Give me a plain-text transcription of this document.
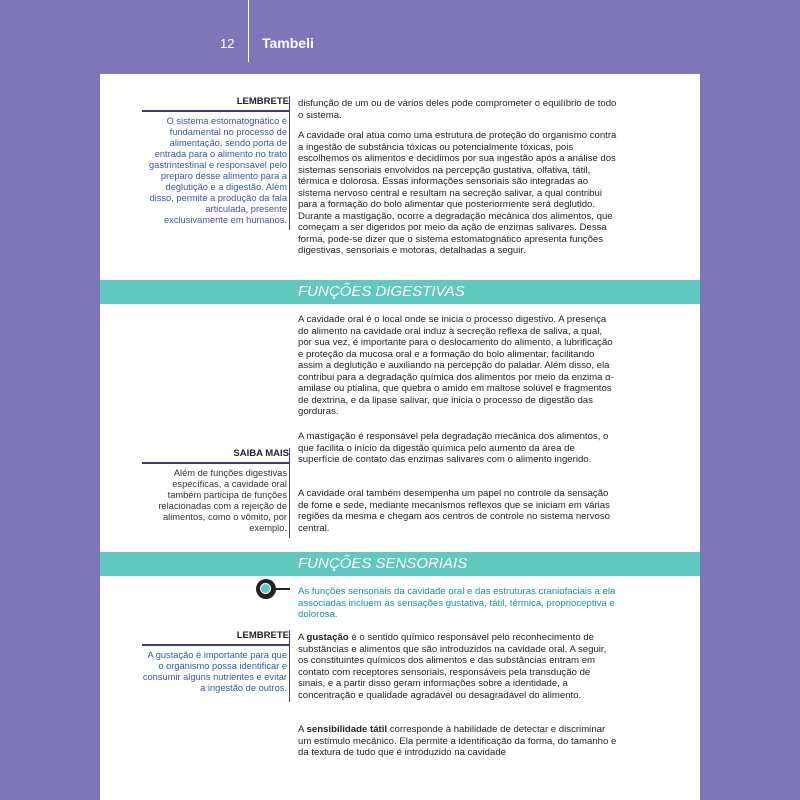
12 Tambeli
LEMBRETE
O sistema estomatognático é fundamental no processo de alimentação, sendo porta de entrada para o alimento no trato gastrintestinal e responsável pelo preparo desse alimento para a deglutição e a digestão. Além disso, permite a produção da fala articulada, presente exclusivamente em humanos.

disfunção de um ou de vários deles pode comprometer o equilíbrio de todo o sistema.

A cavidade oral atua como uma estrutura de proteção do organismo contra a ingestão de substância tóxicas ou potencialmente tóxicas, pois escolhemos os alimentos e decidimos por sua ingestão após a análise dos sistemas sensoriais envolvidos na percepção gustativa, olfativa, tátil, térmica e dolorosa. Essas informações sensoriais são integradas ao sistema nervoso central e resultam na secreção salivar, a qual contribui para a formação do bolo alimentar que posteriormente será deglutido. Durante a mastigação, ocorre a degradação mecânica dos alimentos, que começam a ser digeridos por meio da ação de enzimas salivares. Dessa forma, pode-se dizer que o sistema estomatognático apresenta funções digestivas, sensoriais e motoras, detalhadas a seguir.

FUNÇÕES DIGESTIVAS

A cavidade oral é o local onde se inicia o processo digestivo. A presença do alimento na cavidade oral induz à secreção reflexa de saliva, a qual, por sua vez, é importante para o deslocamento do alimento, a lubrificação e proteção da mucosa oral e a formação do bolo alimentar, facilitando assim a deglutição e auxiliando na percepção do paladar. Além disso, ela contribui para a degradação química dos alimentos por meio da enzima α-amilase ou ptialina, que quebra o amido em maltose solúvel e fragmentos de dextrina, e da lipase salivar, que inicia o processo de digestão das gorduras.

A mastigação é responsável pela degradação mecânica dos alimentos, o que facilita o início da digestão química pelo aumento da área de superfície de contato das enzimas salivares com o alimento ingerido.

A cavidade oral também desempenha um papel no controle da sensação de fome e sede, mediante mecanismos reflexos que se iniciam em várias regiões da mesma e chegam aos centros de controle no sistema nervoso central.

SAIBA MAIS
Além de funções digestivas específicas, a cavidade oral também participa de funções relacionadas com a rejeição de alimentos, como o vômito, por exemplo.
FUNÇÕES SENSORIAIS

As funções sensoriais da cavidade oral e das estruturas craniofaciais a ela associadas incluem as sensações gustativa, tátil, térmica, proprioceptiva e dolorosa.

LEMBRETE
A gustação é importante para que o organismo possa identificar e consumir alguns nutrientes e evitar a ingestão de outros.

A gustação é o sentido químico responsável pelo reconhecimento de substâncias e alimentos que são introduzidos na cavidade oral. A seguir, os constituintes químicos dos alimentos e das substâncias entram em contato com receptores sensoriais, responsáveis pela transdução de sinais, e a partir disso geram informações sobre a identidade, a concentração e qualidade agradável ou desagradável do alimento.

A sensibilidade tátil corresponde à habilidade de detectar e discriminar um estímulo mecânico. Ela permite a identificação da forma, do tamanho e da textura de tudo que é introduzido na cavidade
